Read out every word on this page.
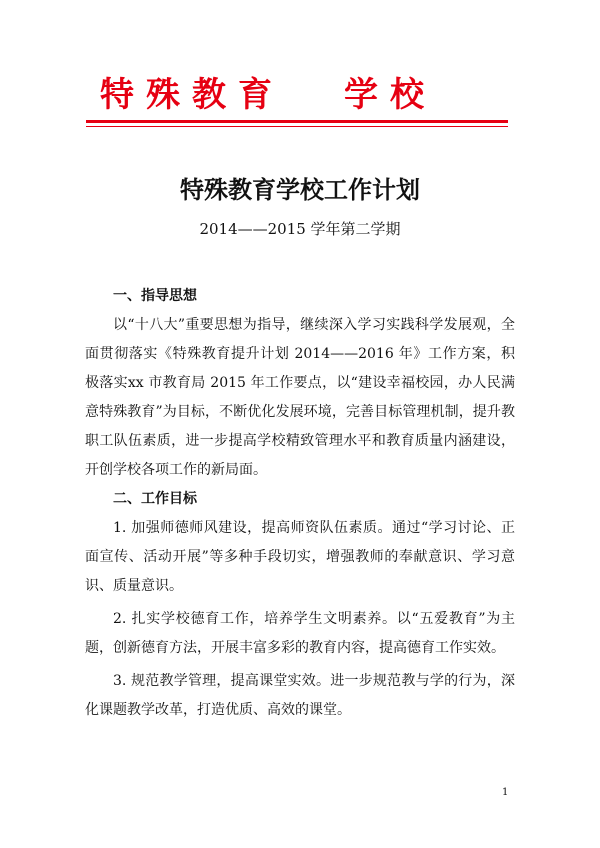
特殊教育 学校
特殊教育学校工作计划
2014——2015 学年第二学期

一、指导思想

以“十八大”重要思想为指导，继续深入学习实践科学发展观，全面贯彻落实《特殊教育提升计划 2014——2016 年》工作方案，积极落实xx 市教育局 2015 年工作要点，以“建设幸福校园，办人民满意特殊教育”为目标，不断优化发展环境，完善目标管理机制，提升教职工队伍素质，进一步提高学校精致管理水平和教育质量内涵建设，开创学校各项工作的新局面。

二、工作目标

1. 加强师德师风建设，提高师资队伍素质。通过“学习讨论、正面宣传、活动开展”等多种手段切实，增强教师的奉献意识、学习意识、质量意识。

2. 扎实学校德育工作，培养学生文明素养。以“五爱教育”为主题，创新德育方法，开展丰富多彩的教育内容，提高德育工作实效。

3. 规范教学管理，提高课堂实效。进一步规范教与学的行为，深化课题教学改革，打造优质、高效的课堂。

1
